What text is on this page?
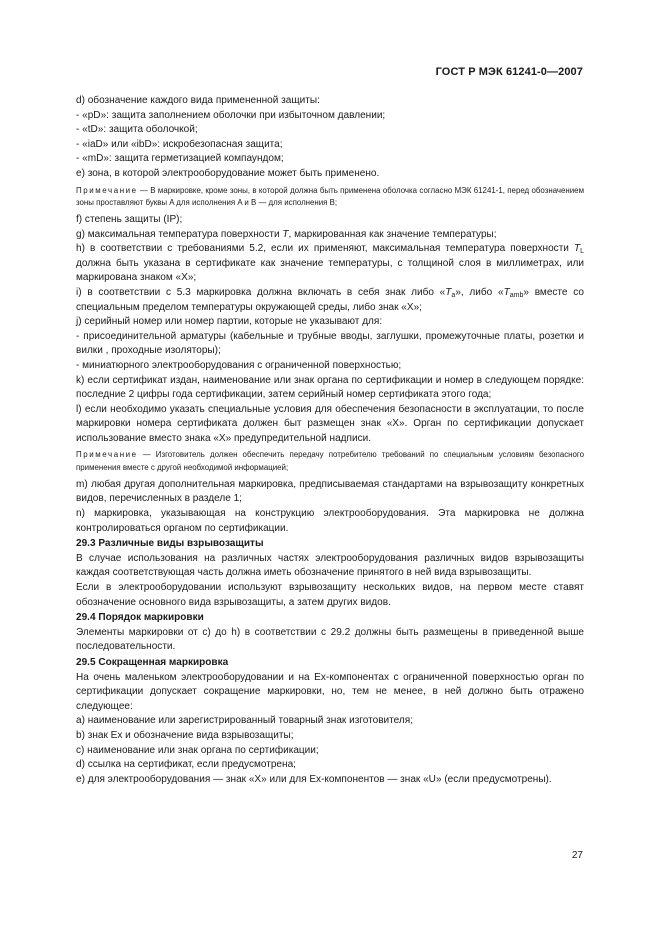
ГОСТ Р МЭК 61241-0—2007

d) обозначение каждого вида примененной защиты:

- «pD»: защита заполнением оболочки при избыточном давлении;

- «tD»: защита оболочкой;

- «iaD» или «ibD»: искробезопасная защита;

- «mD»: защита герметизацией компаундом;

e) зона, в которой электрооборудование может быть применено.

Примечание — В маркировке, кроме зоны, в которой должна быть применена оболочка согласно МЭК 61241-1, перед обозначением зоны проставляют буквы A для исполнения A и B — для исполнения B;

f) степень защиты (IP);

g) максимальная температура поверхности T, маркированная как значение температуры;

h) в соответствии с требованиями 5.2, если их применяют, максимальная температура поверхности $T_L$ должна быть указана в сертификате как значение температуры, с толщиной слоя в миллиметрах, или маркирована знаком «X»;

i) в соответствии с 5.3 маркировка должна включать в себя знак либо «$T_a$», либо «$T_{amb}$» вместе со специальным пределом температуры окружающей среды, либо знак «X»;

j) серийный номер или номер партии, которые не указывают для:

- присоединительной арматуры (кабельные и трубные вводы, заглушки, промежуточные платы, розетки и вилки , проходные изоляторы);

- миниатюрного электрооборудования с ограниченной поверхностью;

k) если сертификат издан, наименование или знак органа по сертификации и номер в следующем порядке: последние 2 цифры года сертификации, затем серийный номер сертификата этого года;

l) если необходимо указать специальные условия для обеспечения безопасности в эксплуатации, то после маркировки номера сертификата должен быт размещен знак «X». Орган по сертификации допускает использование вместо знака «X» предупредительной надписи.

Примечание — Изготовитель должен обеспечить передачу потребителю требований по специальным условиям безопасного применения вместе с другой необходимой информацией;

m) любая другая дополнительная маркировка, предписываемая стандартами на взрывозащиту конкретных видов, перечисленных в разделе 1;

n) маркировка, указывающая на конструкцию электрооборудования. Эта маркировка не должна контролироваться органом по сертификации.

29.3 Различные виды взрывозащиты

В случае использования на различных частях электрооборудования различных видов взрывозащиты каждая соответствующая часть должна иметь обозначение принятого в ней вида взрывозащиты.

Если в электрооборудовании используют взрывозащиту нескольких видов, на первом месте ставят обозначение основного вида взрывозащиты, а затем других видов.

29.4 Порядок маркировки

Элементы маркировки от c) до h) в соответствии с 29.2 должны быть размещены в приведенной выше последовательности.

29.5 Сокращенная маркировка

На очень маленьком электрооборудовании и на Ex-компонентах с ограниченной поверхностью орган по сертификации допускает сокращение маркировки, но, тем не менее, в ней должно быть отражено следующее:

a) наименование или зарегистрированный товарный знак изготовителя;

b) знак Ex и обозначение вида взрывозащиты;

c) наименование или знак органа по сертификации;

d) ссылка на сертификат, если предусмотрена;

e) для электрооборудования — знак «X» или для Ex-компонентов — знак «U» (если предусмотрены).

27
